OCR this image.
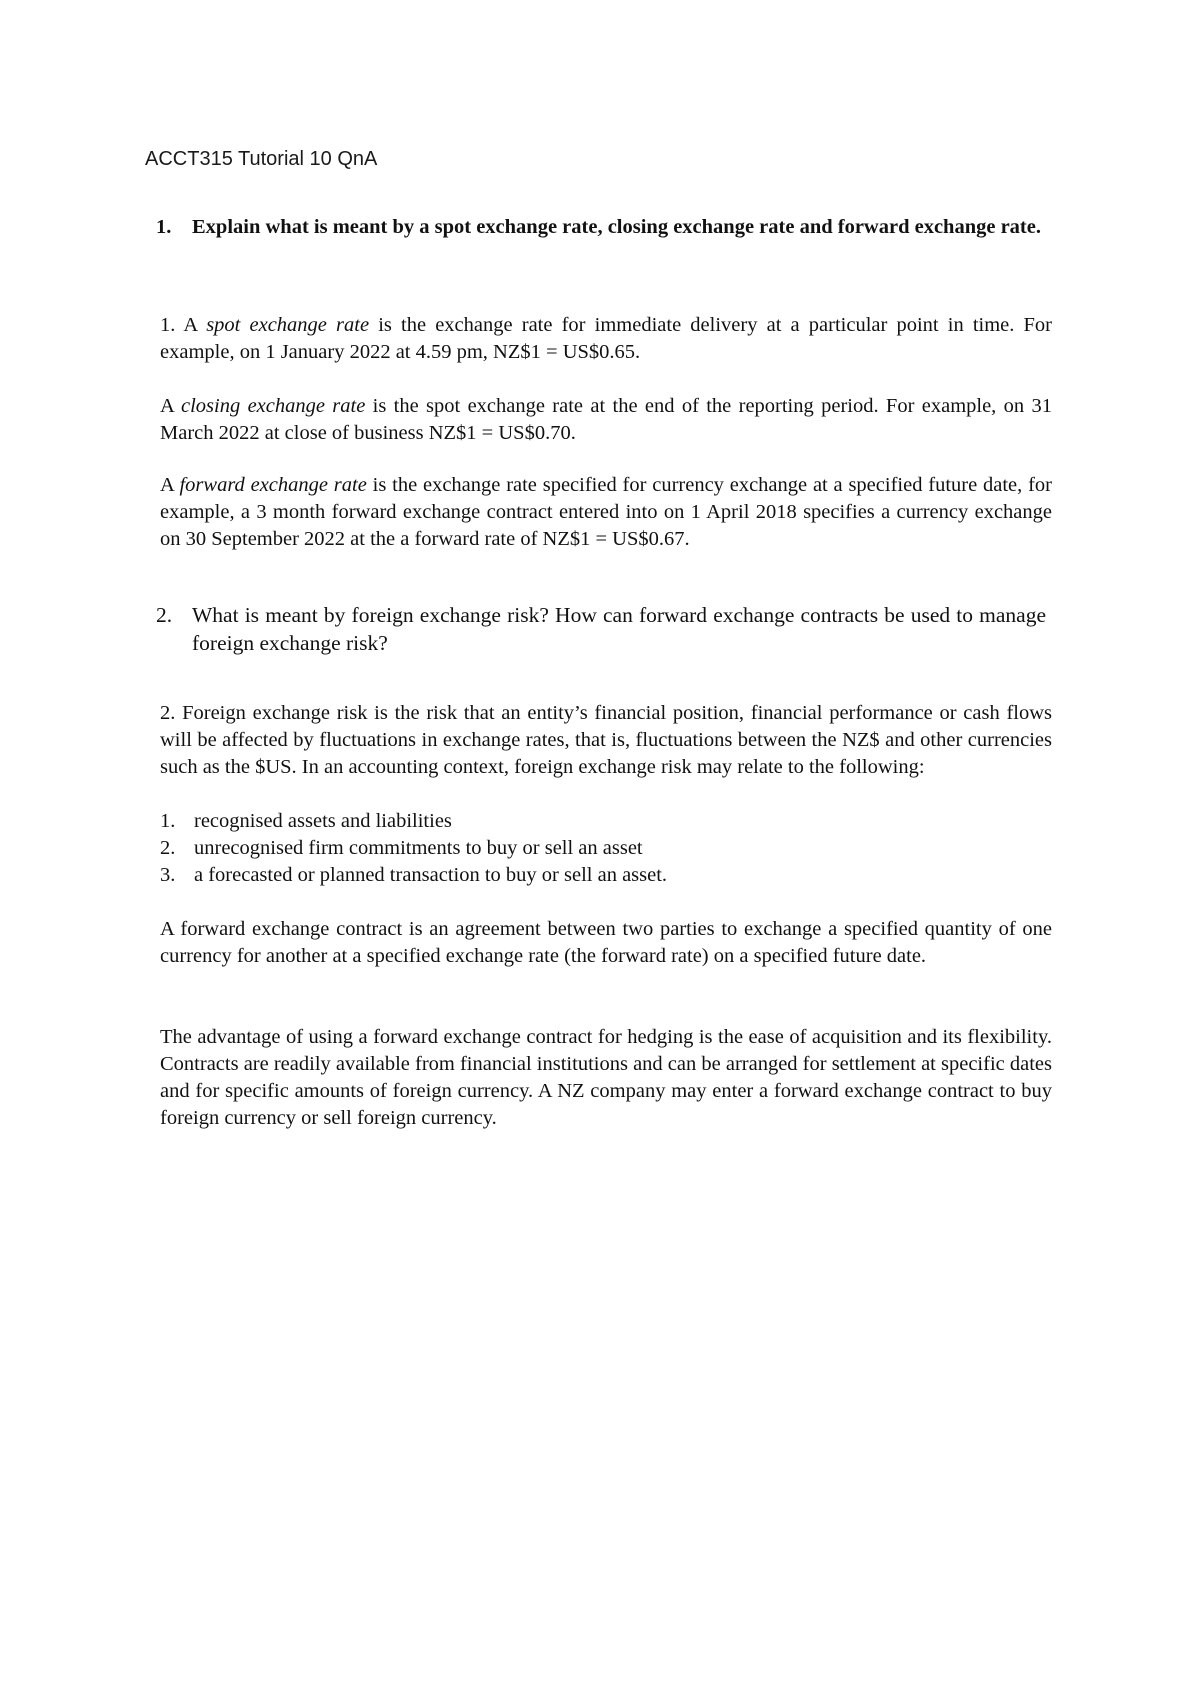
ACCT315 Tutorial 10 QnA
1.	Explain what is meant by a spot exchange rate, closing exchange rate and forward exchange rate.

1. A spot exchange rate is the exchange rate for immediate delivery at a particular point in time. For example, on 1 January 2022 at 4.59 pm, NZ$1 = US$0.65.

A closing exchange rate is the spot exchange rate at the end of the reporting period. For example, on 31 March 2022 at close of business NZ$1 = US$0.70.

A forward exchange rate is the exchange rate specified for currency exchange at a specified future date, for example, a 3 month forward exchange contract entered into on 1 April 2018 specifies a currency exchange on 30 September 2022 at the a forward rate of NZ$1 = US$0.67.

2. What is meant by foreign exchange risk? How can forward exchange contracts be used to manage foreign exchange risk?

2. Foreign exchange risk is the risk that an entity’s financial position, financial performance or cash flows will be affected by fluctuations in exchange rates, that is, fluctuations between the NZ$ and other currencies such as the $US. In an accounting context, foreign exchange risk may relate to the following:

1. recognised assets and liabilities
2. unrecognised firm commitments to buy or sell an asset
3. a forecasted or planned transaction to buy or sell an asset.

A forward exchange contract is an agreement between two parties to exchange a specified quantity of one currency for another at a specified exchange rate (the forward rate) on a specified future date.

The advantage of using a forward exchange contract for hedging is the ease of acquisition and its flexibility. Contracts are readily available from financial institutions and can be arranged for settlement at specific dates and for specific amounts of foreign currency. A NZ company may enter a forward exchange contract to buy foreign currency or sell foreign currency.
